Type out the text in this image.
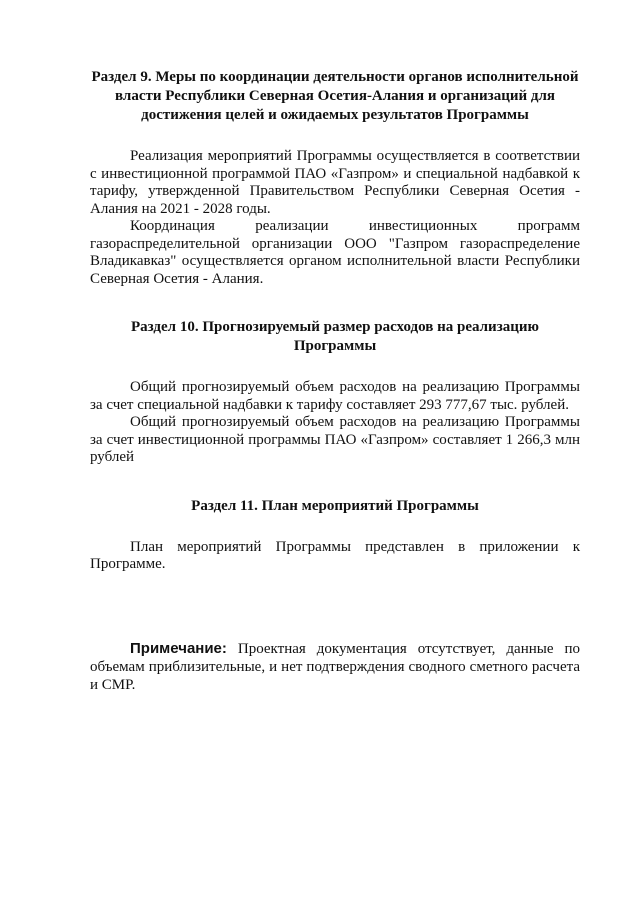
Раздел 9. Меры по координации деятельности органов исполнительной власти Республики Северная Осетия-Алания и организаций для достижения целей и ожидаемых результатов Программы

Реализация мероприятий Программы осуществляется в соответствии с инвестиционной программой ПАО «Газпром» и специальной надбавкой к тарифу, утвержденной Правительством Республики Северная Осетия - Алания на 2021 - 2028 годы.

Координация реализации инвестиционных программ газораспределительной организации ООО "Газпром газораспределение Владикавказ" осуществляется органом исполнительной власти Республики Северная Осетия - Алания.

Раздел 10. Прогнозируемый размер расходов на реализацию Программы

Общий прогнозируемый объем расходов на реализацию Программы за счет специальной надбавки к тарифу составляет 293 777,67 тыс. рублей.

Общий прогнозируемый объем расходов на реализацию Программы за счет инвестиционной программы ПАО «Газпром» составляет 1 266,3 млн рублей

Раздел 11. План мероприятий Программы

План мероприятий Программы представлен в приложении к Программе.

Примечание: Проектная документация отсутствует, данные по объемам приблизительные, и нет подтверждения сводного сметного расчета и СМР.
